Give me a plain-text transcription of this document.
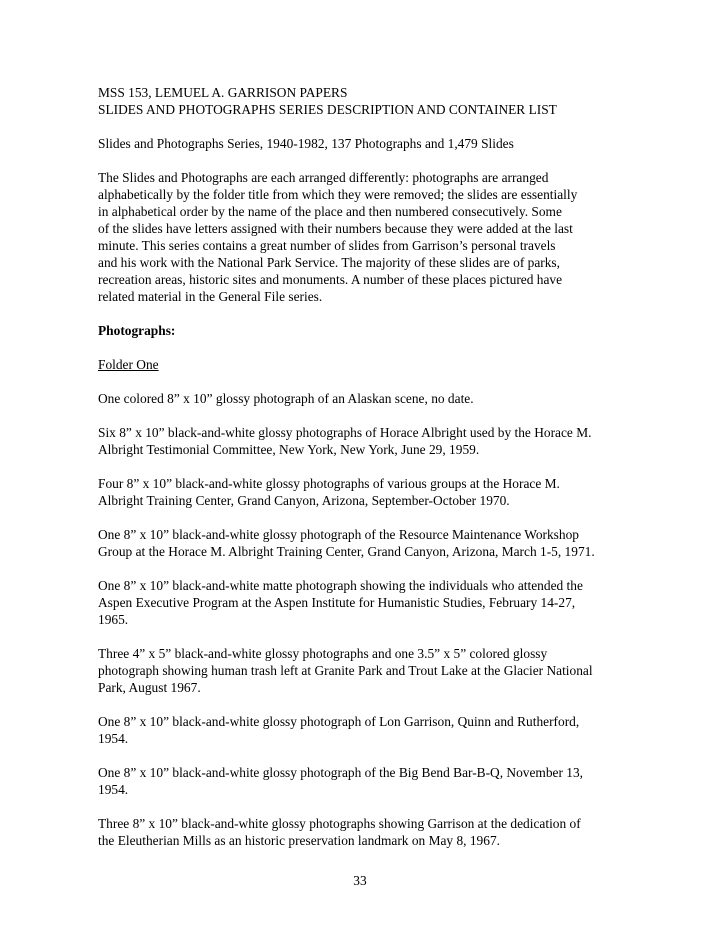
MSS 153, LEMUEL A. GARRISON PAPERS
SLIDES AND PHOTOGRAPHS SERIES DESCRIPTION AND CONTAINER LIST
Slides and Photographs Series, 1940-1982, 137 Photographs and 1,479 Slides
The Slides and Photographs are each arranged differently: photographs are arranged
alphabetically by the folder title from which they were removed; the slides are essentially
in alphabetical order by the name of the place and then numbered consecutively. Some
of the slides have letters assigned with their numbers because they were added at the last
minute. This series contains a great number of slides from Garrison’s personal travels
and his work with the National Park Service. The majority of these slides are of parks,
recreation areas, historic sites and monuments. A number of these places pictured have
related material in the General File series.
Photographs:
Folder One
One colored 8” x 10” glossy photograph of an Alaskan scene, no date.
Six 8” x 10” black-and-white glossy photographs of Horace Albright used by the Horace M.
Albright Testimonial Committee, New York, New York, June 29, 1959.
Four 8” x 10” black-and-white glossy photographs of various groups at the Horace M.
Albright Training Center, Grand Canyon, Arizona, September-October 1970.
One 8” x 10” black-and-white glossy photograph of the Resource Maintenance Workshop
Group at the Horace M. Albright Training Center, Grand Canyon, Arizona, March 1-5, 1971.
One 8” x 10” black-and-white matte photograph showing the individuals who attended the
Aspen Executive Program at the Aspen Institute for Humanistic Studies, February 14-27,
1965.
Three 4” x 5” black-and-white glossy photographs and one 3.5” x 5” colored glossy
photograph showing human trash left at Granite Park and Trout Lake at the Glacier National
Park, August 1967.
One 8” x 10” black-and-white glossy photograph of Lon Garrison, Quinn and Rutherford,
1954.
One 8” x 10” black-and-white glossy photograph of the Big Bend Bar-B-Q, November 13,
1954.
Three 8” x 10” black-and-white glossy photographs showing Garrison at the dedication of
the Eleutherian Mills as an historic preservation landmark on May 8, 1967.
33
